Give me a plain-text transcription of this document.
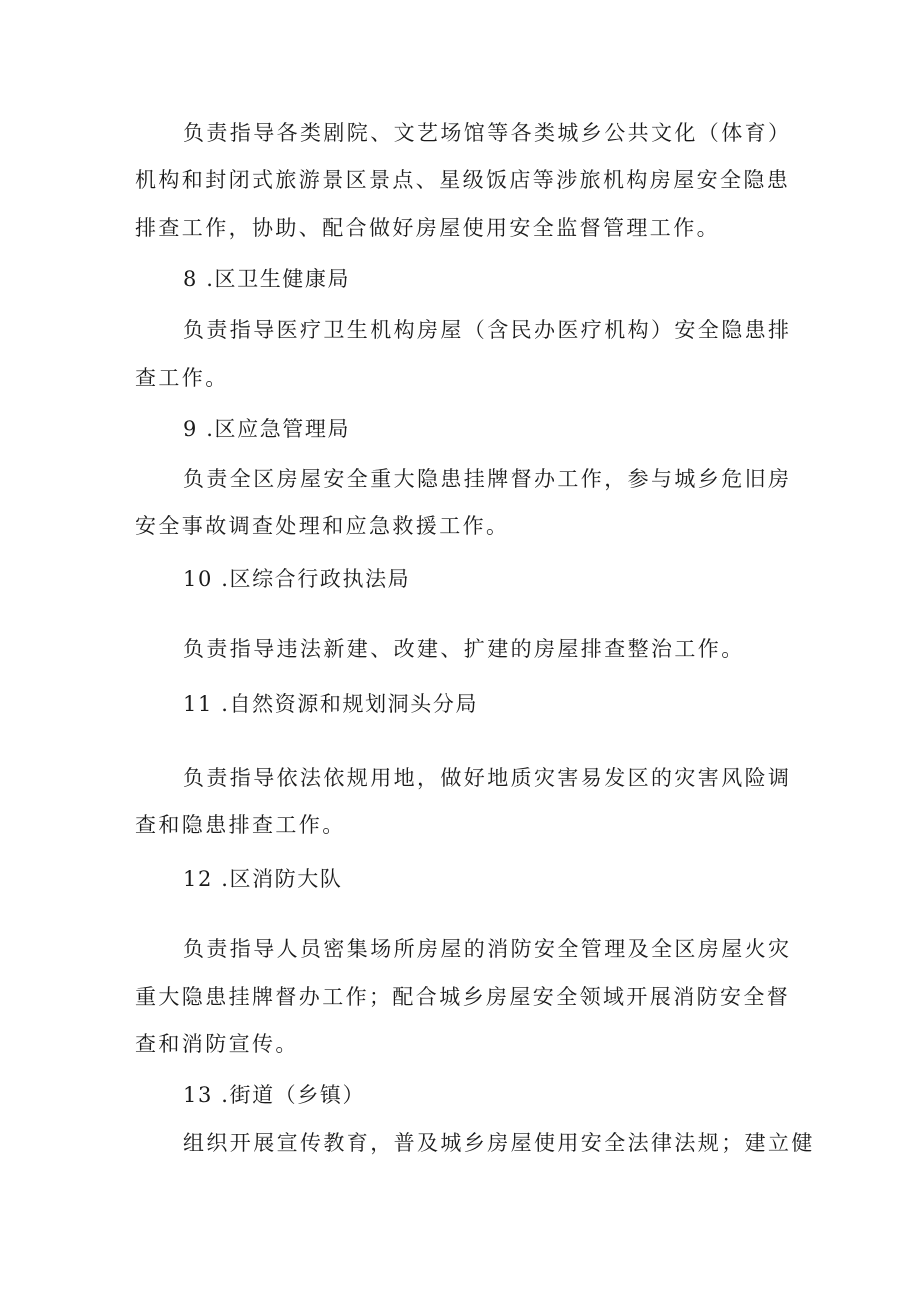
负责指导各类剧院、文艺场馆等各类城乡公共文化（体育）
机构和封闭式旅游景区景点、星级饭店等涉旅机构房屋安全隐患
排查工作，协助、配合做好房屋使用安全监督管理工作。
8 .区卫生健康局
负责指导医疗卫生机构房屋（含民办医疗机构）安全隐患排
查工作。
9 .区应急管理局
负责全区房屋安全重大隐患挂牌督办工作，参与城乡危旧房
安全事故调查处理和应急救援工作。
10 .区综合行政执法局
负责指导违法新建、改建、扩建的房屋排查整治工作。
11 .自然资源和规划洞头分局
负责指导依法依规用地，做好地质灾害易发区的灾害风险调
查和隐患排查工作。
12 .区消防大队
负责指导人员密集场所房屋的消防安全管理及全区房屋火灾
重大隐患挂牌督办工作；配合城乡房屋安全领域开展消防安全督
查和消防宣传。
13 .街道（乡镇）
组织开展宣传教育，普及城乡房屋使用安全法律法规；建立健
